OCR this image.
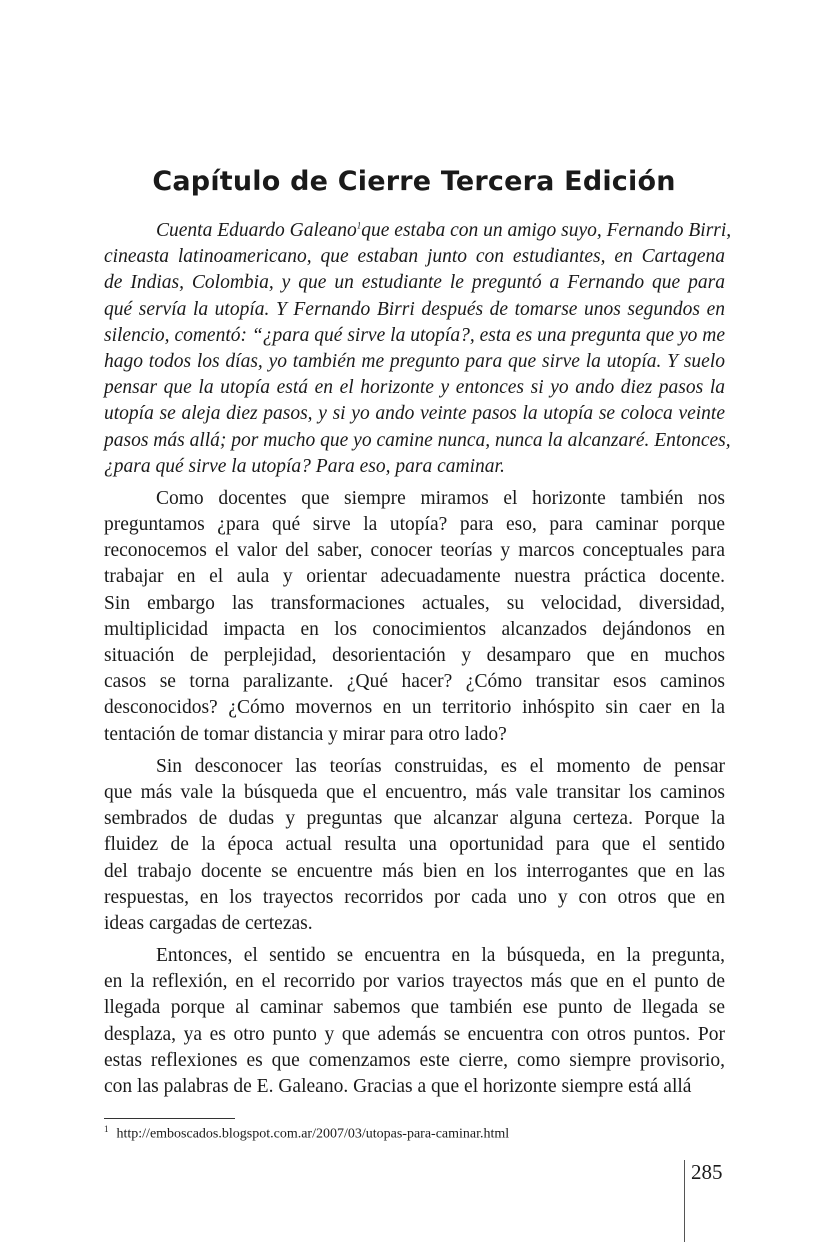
Capítulo de Cierre Tercera Edición
Cuenta Eduardo Galeano$^1$que estaba con un amigo suyo, Fernando Birri,
cineasta latinoamericano, que estaban junto con estudiantes, en Cartagena
de Indias, Colombia, y que un estudiante le preguntó a Fernando que para
qué servía la utopía. Y Fernando Birri después de tomarse unos segundos en
silencio, comentó: “¿para qué sirve la utopía?, esta es una pregunta que yo me
hago todos los días, yo también me pregunto para que sirve la utopía. Y suelo
pensar que la utopía está en el horizonte y entonces si yo ando diez pasos la
utopía se aleja diez pasos, y si yo ando veinte pasos la utopía se coloca veinte
pasos más allá; por mucho que yo camine nunca, nunca la alcanzaré. Entonces,
¿para qué sirve la utopía? Para eso, para caminar.
Como docentes que siempre miramos el horizonte también nos
preguntamos ¿para qué sirve la utopía? para eso, para caminar porque
reconocemos el valor del saber, conocer teorías y marcos conceptuales para
trabajar en el aula y orientar adecuadamente nuestra práctica docente.
Sin embargo las transformaciones actuales, su velocidad, diversidad,
multiplicidad impacta en los conocimientos alcanzados dejándonos en
situación de perplejidad, desorientación y desamparo que en muchos
casos se torna paralizante. ¿Qué hacer? ¿Cómo transitar esos caminos
desconocidos? ¿Cómo movernos en un territorio inhóspito sin caer en la
tentación de tomar distancia y mirar para otro lado?
Sin desconocer las teorías construidas, es el momento de pensar
que más vale la búsqueda que el encuentro, más vale transitar los caminos
sembrados de dudas y preguntas que alcanzar alguna certeza. Porque la
fluidez de la época actual resulta una oportunidad para que el sentido
del trabajo docente se encuentre más bien en los interrogantes que en las
respuestas, en los trayectos recorridos por cada uno y con otros que en
ideas cargadas de certezas.
Entonces, el sentido se encuentra en la búsqueda, en la pregunta,
en la reflexión, en el recorrido por varios trayectos más que en el punto de
llegada porque al caminar sabemos que también ese punto de llegada se
desplaza, ya es otro punto y que además se encuentra con otros puntos. Por
estas reflexiones es que comenzamos este cierre, como siempre provisorio,
con las palabras de E. Galeano. Gracias a que el horizonte siempre está allá
$^1$ http://emboscados.blogspot.com.ar/2007/03/utopas-para-caminar.html
285
